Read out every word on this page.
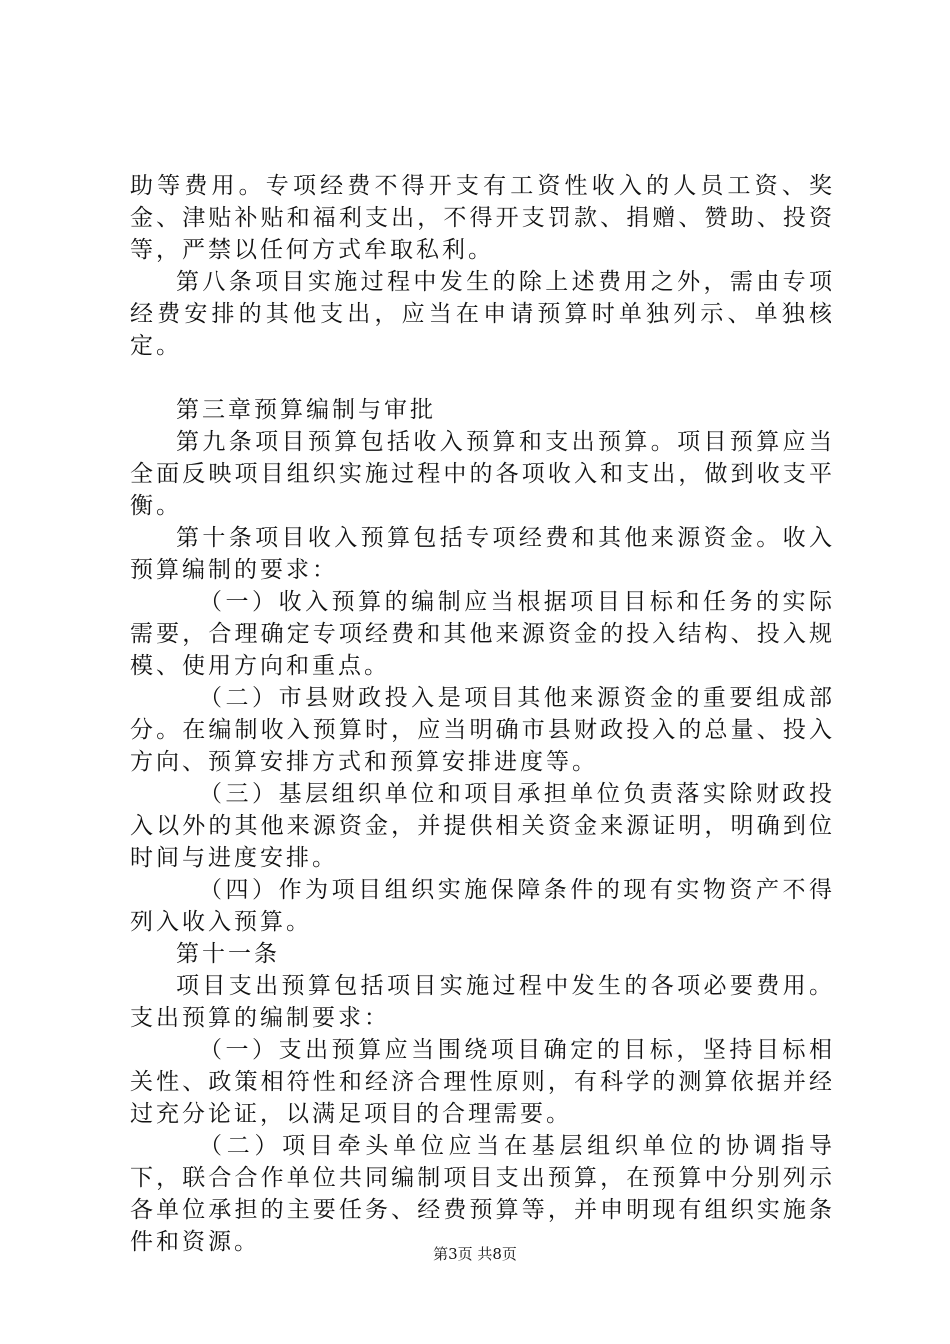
助等费用。专项经费不得开支有工资性收入的人员工资、奖金、津贴补贴和福利支出，不得开支罚款、捐赠、赞助、投资等，严禁以任何方式牟取私利。

第八条项目实施过程中发生的除上述费用之外，需由专项经费安排的其他支出，应当在申请预算时单独列示、单独核定。

第三章预算编制与审批

第九条项目预算包括收入预算和支出预算。项目预算应当全面反映项目组织实施过程中的各项收入和支出，做到收支平衡。

第十条项目收入预算包括专项经费和其他来源资金。收入预算编制的要求：

（一）收入预算的编制应当根据项目目标和任务的实际需要，合理确定专项经费和其他来源资金的投入结构、投入规模、使用方向和重点。

（二）市县财政投入是项目其他来源资金的重要组成部分。在编制收入预算时，应当明确市县财政投入的总量、投入方向、预算安排方式和预算安排进度等。

（三）基层组织单位和项目承担单位负责落实除财政投入以外的其他来源资金，并提供相关资金来源证明，明确到位时间与进度安排。

（四）作为项目组织实施保障条件的现有实物资产不得列入收入预算。

第十一条

项目支出预算包括项目实施过程中发生的各项必要费用。支出预算的编制要求：

（一）支出预算应当围绕项目确定的目标，坚持目标相关性、政策相符性和经济合理性原则，有科学的测算依据并经过充分论证，以满足项目的合理需要。

（二）项目牵头单位应当在基层组织单位的协调指导下，联合合作单位共同编制项目支出预算，在预算中分别列示各单位承担的主要任务、经费预算等，并申明现有组织实施条件和资源。	第3页 共8页
